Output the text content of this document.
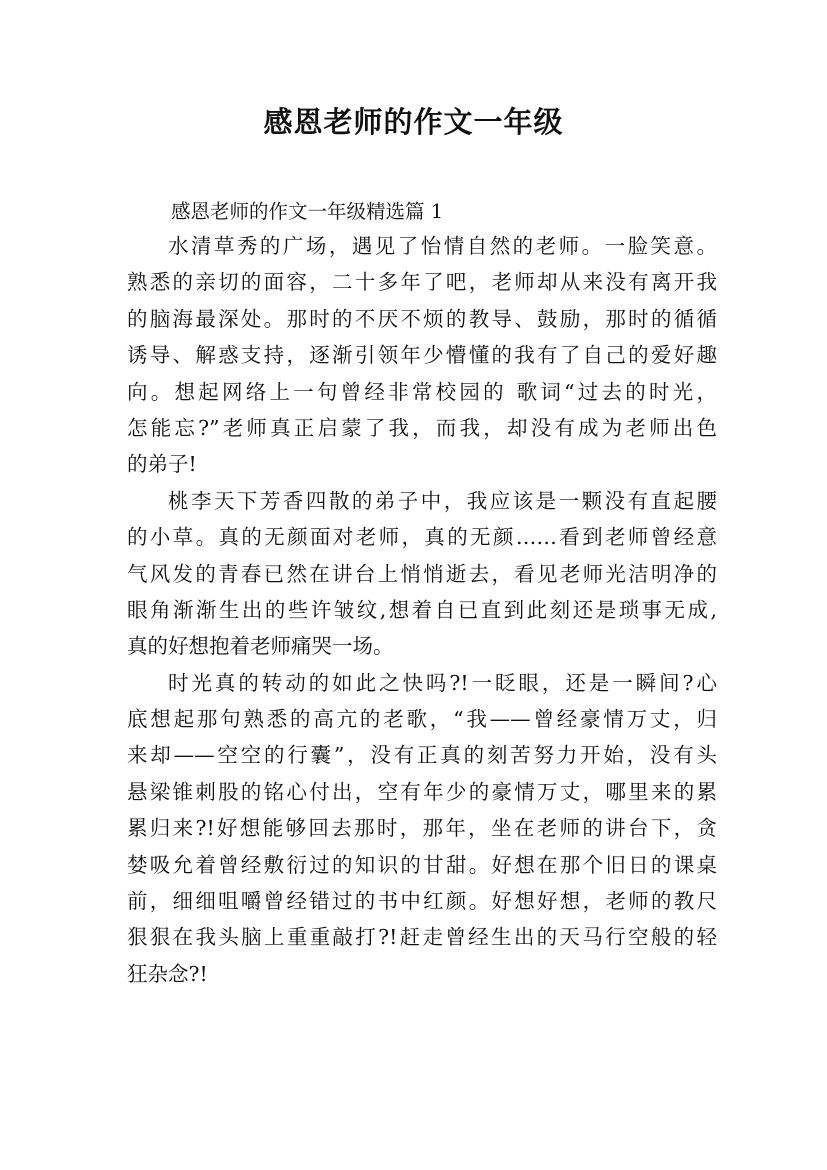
感恩老师的作文一年级

感恩老师的作文一年级精选篇 1

水清草秀的广场，遇见了怡情自然的老师。一脸笑意。
熟悉的亲切的面容，二十多年了吧，老师却从来没有离开我
的脑海最深处。那时的不厌不烦的教导、鼓励，那时的循循
诱导、解惑支持，逐渐引领年少懵懂的我有了自己的爱好趣
向。想起网络上一句曾经非常校园的 歌词“过去的时光，
怎能忘?”老师真正启蒙了我，而我，却没有成为老师出色
的弟子!

桃李天下芳香四散的弟子中，我应该是一颗没有直起腰
的小草。真的无颜面对老师，真的无颜……看到老师曾经意
气风发的青春已然在讲台上悄悄逝去，看见老师光洁明净的
眼角渐渐生出的些许皱纹,想着自已直到此刻还是琐事无成,
真的好想抱着老师痛哭一场。

时光真的转动的如此之快吗?!一眨眼，还是一瞬间?心
底想起那句熟悉的高亢的老歌，“我——曾经豪情万丈，归
来却——空空的行囊”，没有正真的刻苦努力开始，没有头
悬梁锥刺股的铭心付出，空有年少的豪情万丈，哪里来的累
累归来?!好想能够回去那时，那年，坐在老师的讲台下，贪
婪吸允着曾经敷衍过的知识的甘甜。好想在那个旧日的课桌
前，细细咀嚼曾经错过的书中红颜。好想好想，老师的教尺
狠狠在我头脑上重重敲打?!赶走曾经生出的天马行空般的轻
狂杂念?!
